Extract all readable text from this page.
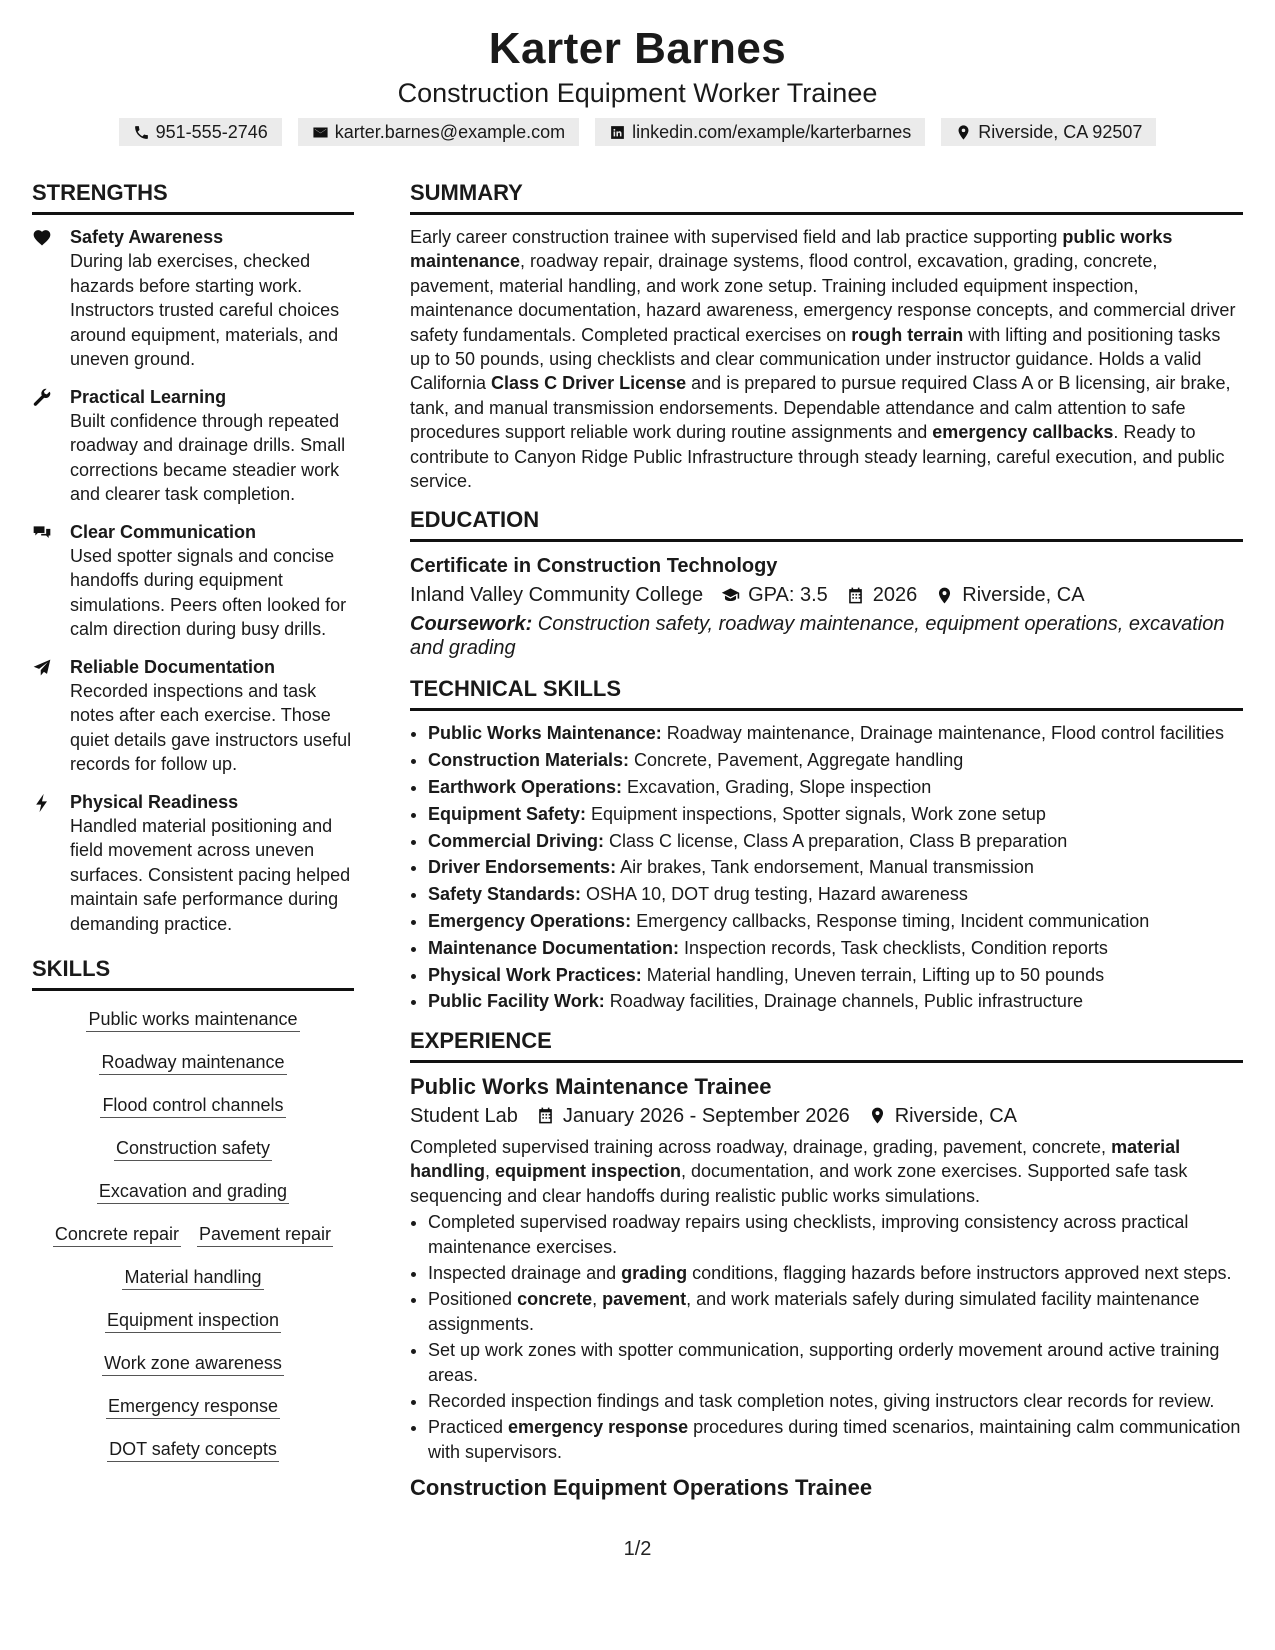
Karter Barnes
Construction Equipment Worker Trainee
951-555-2746	karter.barnes@example.com	linkedin.com/example/karterbarnes	Riverside, CA 92507
STRENGTHS
Safety Awareness
During lab exercises, checked hazards before starting work. Instructors trusted careful choices around equipment, materials, and uneven ground.
Practical Learning
Built confidence through repeated roadway and drainage drills. Small corrections became steadier work and clearer task completion.
Clear Communication
Used spotter signals and concise handoffs during equipment simulations. Peers often looked for calm direction during busy drills.
Reliable Documentation
Recorded inspections and task notes after each exercise. Those quiet details gave instructors useful records for follow up.
Physical Readiness
Handled material positioning and field movement across uneven surfaces. Consistent pacing helped maintain safe performance during demanding practice.
SKILLS
Public works maintenance
Roadway maintenance
Flood control channels
Construction safety
Excavation and grading
Concrete repair Pavement repair
Material handling
Equipment inspection
Work zone awareness
Emergency response
DOT safety concepts
SUMMARY

Early career construction trainee with supervised field and lab practice supporting public works maintenance, roadway repair, drainage systems, flood control, excavation, grading, concrete, pavement, material handling, and work zone setup. Training included equipment inspection, maintenance documentation, hazard awareness, emergency response concepts, and commercial driver safety fundamentals. Completed practical exercises on rough terrain with lifting and positioning tasks up to 50 pounds, using checklists and clear communication under instructor guidance. Holds a valid California Class C Driver License and is prepared to pursue required Class A or B licensing, air brake, tank, and manual transmission endorsements. Dependable attendance and calm attention to safe procedures support reliable work during routine assignments and emergency callbacks. Ready to contribute to Canyon Ridge Public Infrastructure through steady learning, careful execution, and public service.

EDUCATION
Certificate in Construction Technology
Inland Valley Community College GPA: 3.5 2026 Riverside, CA
Coursework: Construction safety, roadway maintenance, equipment operations, excavation and grading
TECHNICAL SKILLS
• Public Works Maintenance: Roadway maintenance, Drainage maintenance, Flood control facilities
• Construction Materials: Concrete, Pavement, Aggregate handling
• Earthwork Operations: Excavation, Grading, Slope inspection
• Equipment Safety: Equipment inspections, Spotter signals, Work zone setup
• Commercial Driving: Class C license, Class A preparation, Class B preparation
• Driver Endorsements: Air brakes, Tank endorsement, Manual transmission
• Safety Standards: OSHA 10, DOT drug testing, Hazard awareness
• Emergency Operations: Emergency callbacks, Response timing, Incident communication
• Maintenance Documentation: Inspection records, Task checklists, Condition reports
• Physical Work Practices: Material handling, Uneven terrain, Lifting up to 50 pounds
• Public Facility Work: Roadway facilities, Drainage channels, Public infrastructure
EXPERIENCE
Public Works Maintenance Trainee
Student Lab January 2026 - September 2026 Riverside, CA
Completed supervised training across roadway, drainage, grading, pavement, concrete, material handling, equipment inspection, documentation, and work zone exercises. Supported safe task sequencing and clear handoffs during realistic public works simulations.
• Completed supervised roadway repairs using checklists, improving consistency across practical maintenance exercises.
• Inspected drainage and grading conditions, flagging hazards before instructors approved next steps.
• Positioned concrete, pavement, and work materials safely during simulated facility maintenance assignments.
• Set up work zones with spotter communication, supporting orderly movement around active training areas.
• Recorded inspection findings and task completion notes, giving instructors clear records for review.
• Practiced emergency response procedures during timed scenarios, maintaining calm communication with supervisors.
Construction Equipment Operations Trainee
1/2
